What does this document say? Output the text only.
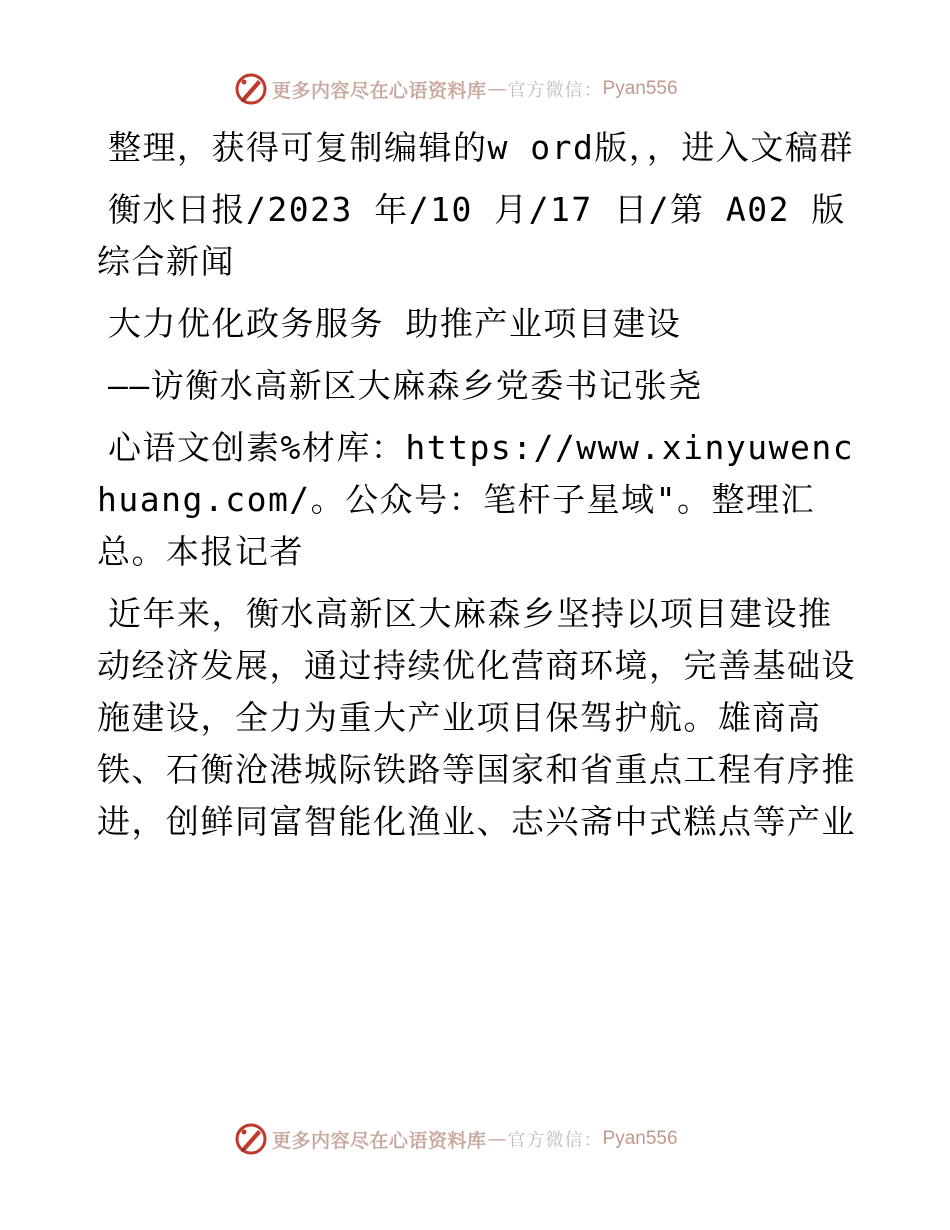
更多内容尽在心语资料库 — 官方微信： Pyan556

整理，获得可复制编辑的w ord版，，进入文稿群

衡水日报/2023 年/10 月/17 日/第 A02 版综合新闻

大力优化政务服务 助推产业项目建设

——访衡水高新区大麻森乡党委书记张尧

心语文创素%材库：https://www.xinyuwenchuang.com/。公众号：笔杆子星域"。整理汇总。本报记者

近年来，衡水高新区大麻森乡坚持以项目建设推动经济发展，通过持续优化营商环境，完善基础设施建设，全力为重大产业项目保驾护航。雄商高铁、石衡沧港城际铁路等国家和省重点工程有序推进，创鲜同富智能化渔业、志兴斋中式糕点等产业

更多内容尽在心语资料库 — 官方微信： Pyan556
